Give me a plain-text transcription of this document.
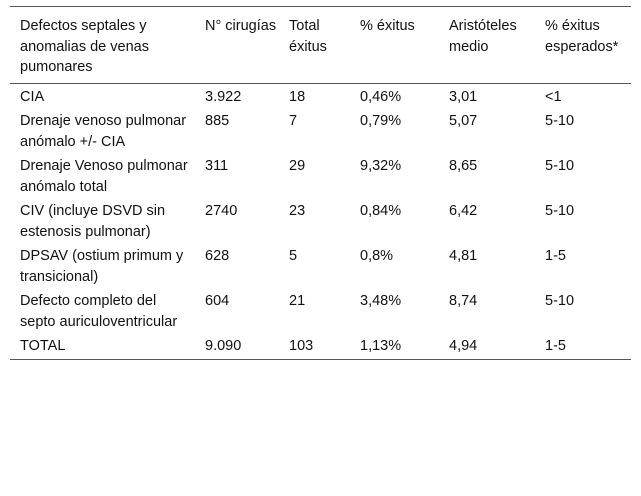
Defectos septales y anomalias de venas pumonares	N° cirugías	Total éxitus	% éxitus	Aristóteles medio	% éxitus esperados*
CIA	3.922	18	0,46%	3,01	<1
Drenaje venoso pulmonar anómalo +/- CIA	885	7	0,79%	5,07	5-10
Drenaje Venoso pulmonar anómalo total	311	29	9,32%	8,65	5-10
CIV (incluye DSVD sin estenosis pulmonar)	2740	23	0,84%	6,42	5-10
DPSAV (ostium primum y transicional)	628	5	0,8%	4,81	1-5
Defecto completo del septo auriculoventricular	604	21	3,48%	8,74	5-10
TOTAL	9.090	103	1,13%	4,94	1-5
